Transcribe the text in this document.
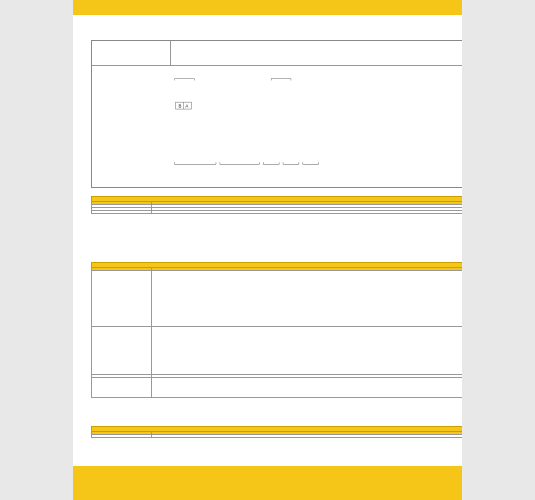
B A
